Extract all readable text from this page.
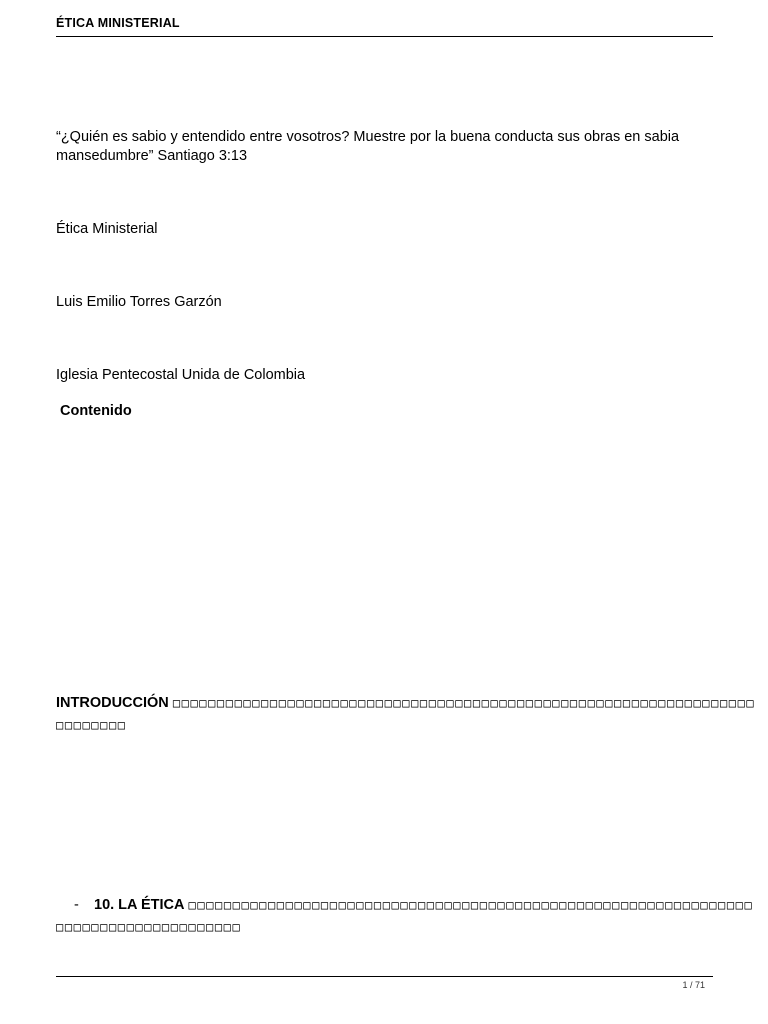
ÉTICA MINISTERIAL
“¿Quién es sabio y entendido entre vosotros? Muestre por la buena conducta sus obras en sabia mansedumbre” Santiago 3:13
Ética Ministerial
Luis Emilio Torres Garzón
Iglesia Pentecostal Unida de Colombia
Contenido
INTRODUCCIÓN □□□□□□□□□□□□□□□□□□□□□□□□□□□□□□□□□□□□□□□□□□□□□□□□□□□□□□□□□□□□□□□□□□□□□□□□□□
- 10. LA ÉTICA □□□□□□□□□□□□□□□□□□□□□□□□□□□□□□□□□□□□□□□□□□□□□□□□□□□□□□□□□□□□□□□□□□□□□□□□□□□□□□□□□□□□□
1 / 71
